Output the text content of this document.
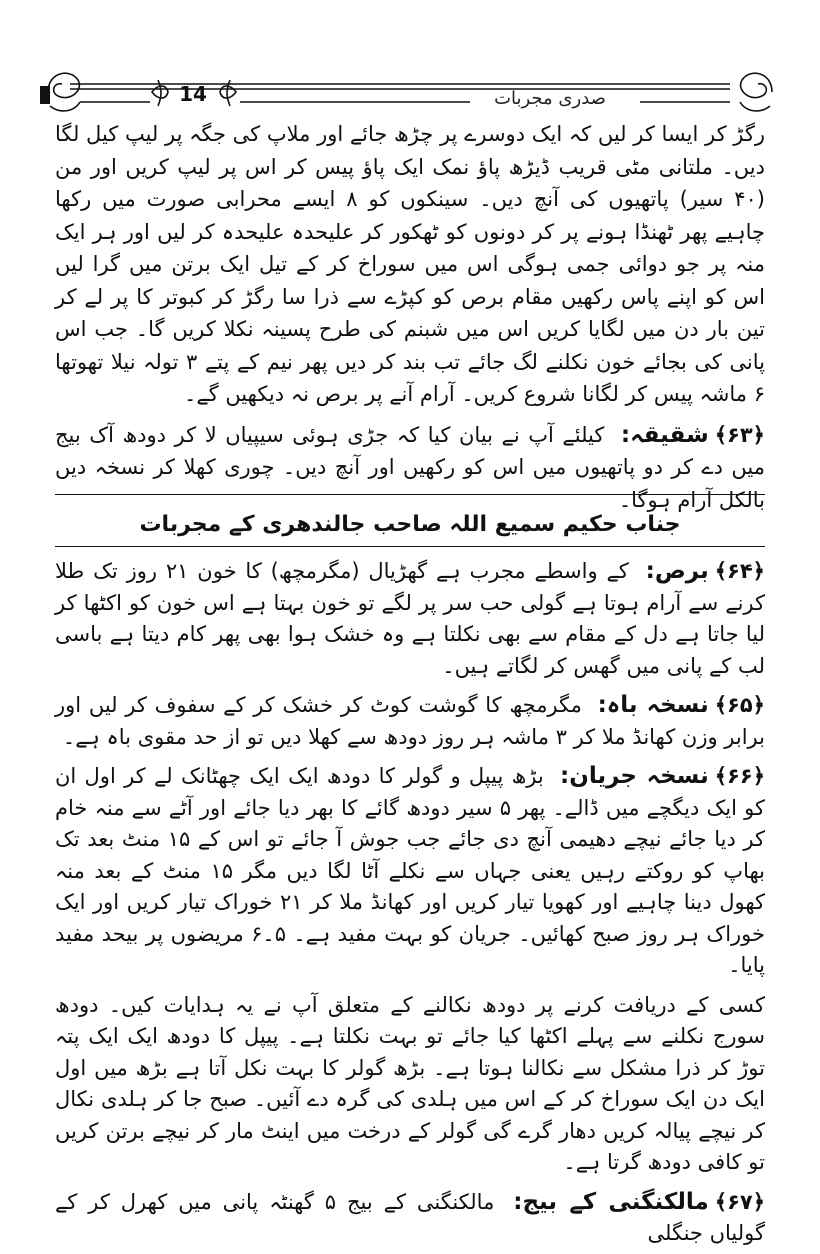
14	صدری مجربات

رگڑ کر ایسا کر لیں کہ ایک دوسرے پر چڑھ جائے اور ملاپ کی جگہ پر لیپ کیل لگا دیں۔ ملتانی مٹی قریب ڈیڑھ پاؤ نمک ایک پاؤ پیس کر اس پر لیپ کریں اور من (۴۰ سیر) پاتھیوں کی آنچ دیں۔ سینکوں کو ۸ ایسے محرابی صورت میں رکھا چاہیے پھر ٹھنڈا ہونے پر کر دونوں کو ٹھکور کر علیحدہ علیحدہ کر لیں اور ہر ایک منہ پر جو دوائی جمی ہوگی اس میں سوراخ کر کے تیل ایک برتن میں گرا لیں اس کو اپنے پاس رکھیں مقام برص کو کپڑے سے ذرا سا رگڑ کر کبوتر کا پر لے کر تین بار دن میں لگایا کریں اس میں شبنم کی طرح پسینہ نکلا کریں گا۔ جب اس پانی کی بجائے خون نکلنے لگ جائے تب بند کر دیں پھر نیم کے پتے ۳ تولہ نیلا تھوتھا ۶ ماشہ پیس کر لگانا شروع کریں۔ آرام آنے پر برص نہ دیکھیں گے۔

﴿۶۳﴾شقیقہ: کیلئے آپ نے بیان کیا کہ جڑی ہوئی سیپیاں لا کر دودھ آک بیج میں دے کر دو پاتھیوں میں اس کو رکھیں اور آنچ دیں۔ چوری کھلا کر نسخہ دیں بالکل آرام ہوگا۔

جناب حکیم سمیع اللہ صاحب جالندھری کے مجربات

﴿۶۴﴾برص: کے واسطے مجرب ہے گھڑیال (مگرمچھ) کا خون ۲۱ روز تک طلا کرنے سے آرام ہوتا ہے گولی حب سر پر لگے تو خون بہتا ہے اس خون کو اکٹھا کر لیا جاتا ہے دل کے مقام سے بھی نکلتا ہے وہ خشک ہوا بھی پھر کام دیتا ہے باسی لب کے پانی میں گھس کر لگاتے ہیں۔

﴿۶۵﴾نسخہ باہ: مگرمچھ کا گوشت کوٹ کر خشک کر کے سفوف کر لیں اور برابر وزن کھانڈ ملا کر ۳ ماشہ ہر روز دودھ سے کھلا دیں تو از حد مقوی باہ ہے۔

﴿۶۶﴾نسخہ جریان: بڑھ پیپل و گولر کا دودھ ایک ایک چھٹانک لے کر اول ان کو ایک دیگچے میں ڈالے۔ پھر ۵ سیر دودھ گائے کا بھر دیا جائے اور آٹے سے منہ خام کر دیا جائے نیچے دھیمی آنچ دی جائے جب جوش آ جائے تو اس کے ۱۵ منٹ بعد تک بھاپ کو روکتے رہیں یعنی جہاں سے نکلے آٹا لگا دیں مگر ۱۵ منٹ کے بعد منہ کھول دینا چاہیے اور کھویا تیار کریں اور کھانڈ ملا کر ۲۱ خوراک تیار کریں اور ایک خوراک ہر روز صبح کھائیں۔ جریان کو بہت مفید ہے۔ ۵۔۶ مریضوں پر بیحد مفید پایا۔

کسی کے دریافت کرنے پر دودھ نکالنے کے متعلق آپ نے یہ ہدایات کیں۔ دودھ سورج نکلنے سے پہلے اکٹھا کیا جائے تو بہت نکلتا ہے۔ پیپل کا دودھ ایک ایک پتہ توڑ کر ذرا مشکل سے نکالنا ہوتا ہے۔ بڑھ گولر کا بہت نکل آتا ہے بڑھ میں اول ایک دن ایک سوراخ کر کے اس میں ہلدی کی گرہ دے آئیں۔ صبح جا کر ہلدی نکال کر نیچے پیالہ کریں دھار گرے گی گولر کے درخت میں اینٹ مار کر نیچے برتن کریں تو کافی دودھ گرتا ہے۔

﴿۶۷﴾مالکنگنی کے بیج: مالکنگنی کے بیج ۵ گھنٹہ پانی میں کھرل کر کے گولیاں جنگلی
